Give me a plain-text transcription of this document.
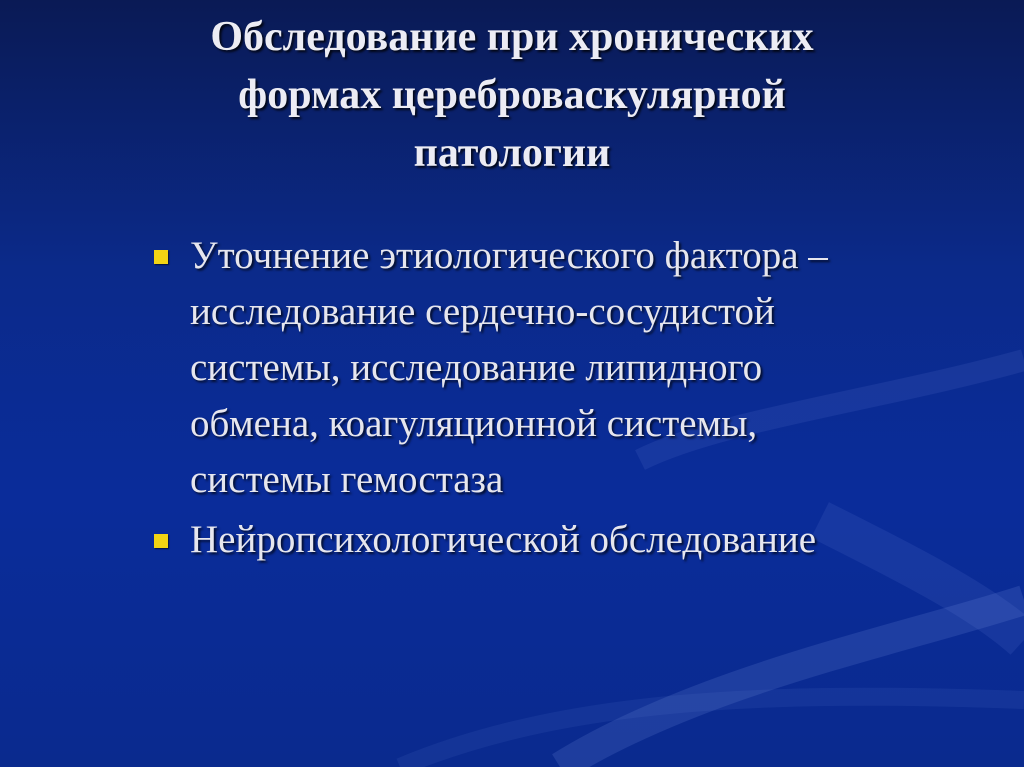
Обследование при хронических
формах цереброваскулярной
патологии
Уточнение этиологического фактора –
исследование сердечно-сосудистой
системы, исследование липидного
обмена, коагуляционной системы,
системы гемостаза
Нейропсихологической обследование
